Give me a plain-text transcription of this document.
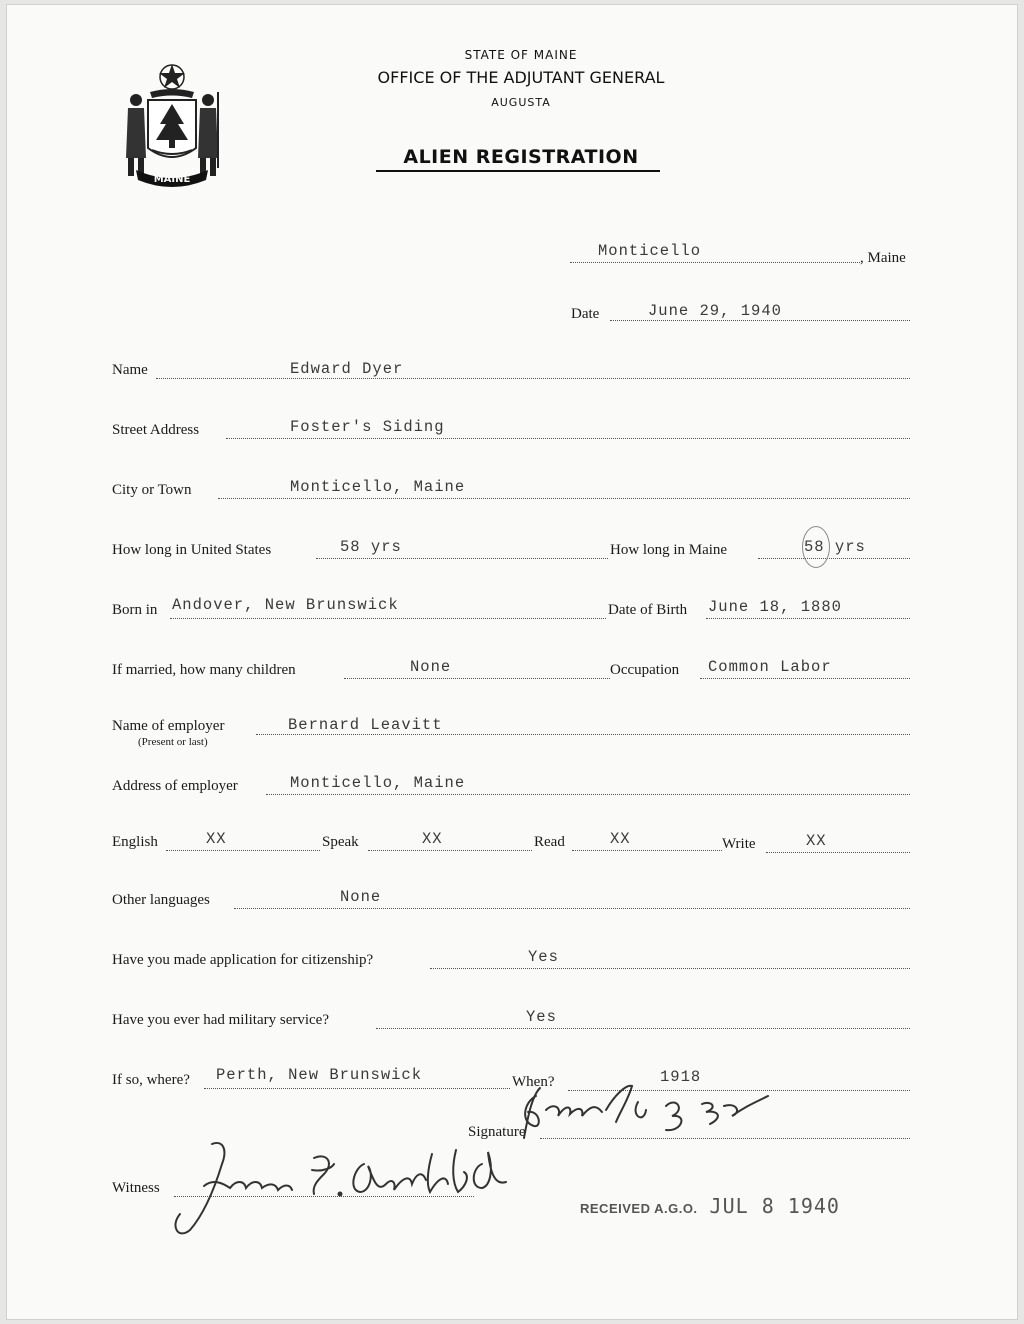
MAINE
STATE OF MAINE
OFFICE OF THE ADJUTANT GENERAL
AUGUSTA
ALIEN REGISTRATION
Monticello	, Maine
Date	June 29, 1940
Name	Edward Dyer
Street Address	Foster's Siding
City or Town	Monticello, Maine
How long in United States	58 yrs	How long in Maine	58 yrs
Born in Andover, New Brunswick	Date of Birth June 18, 1880
If married, how many children	None	Occupation Common Labor
Name of employer
(Present or last)
Bernard Leavitt
Address of employer	Monticello, Maine
English	XX	Speak	XX	Read	XX	Write	XX
Other languages	None
Have you made application for citizenship?	Yes
Have you ever had military service?	Yes
If so, where? Perth, New Brunswick	When?	1918
Signature
Witness
RECEIVED A.G.O. JUL 8 1940
